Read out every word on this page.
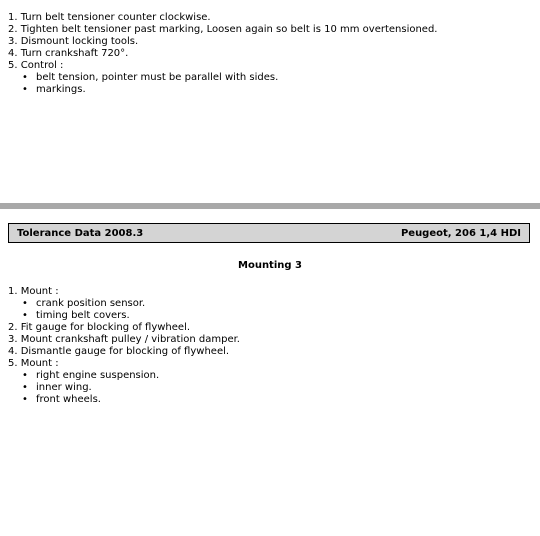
1. Turn belt tensioner counter clockwise.
2. Tighten belt tensioner past marking, Loosen again so belt is 10 mm overtensioned.
3. Dismount locking tools.
4. Turn crankshaft 720°.
5. Control :
• belt tension, pointer must be parallel with sides.
• markings.
Tolerance Data 2008.3	Peugeot, 206 1,4 HDI
Mounting 3
1. Mount :
• crank position sensor.
• timing belt covers.
2. Fit gauge for blocking of flywheel.
3. Mount crankshaft pulley / vibration damper.
4. Dismantle gauge for blocking of flywheel.
5. Mount :
• right engine suspension.
• inner wing.
• front wheels.
